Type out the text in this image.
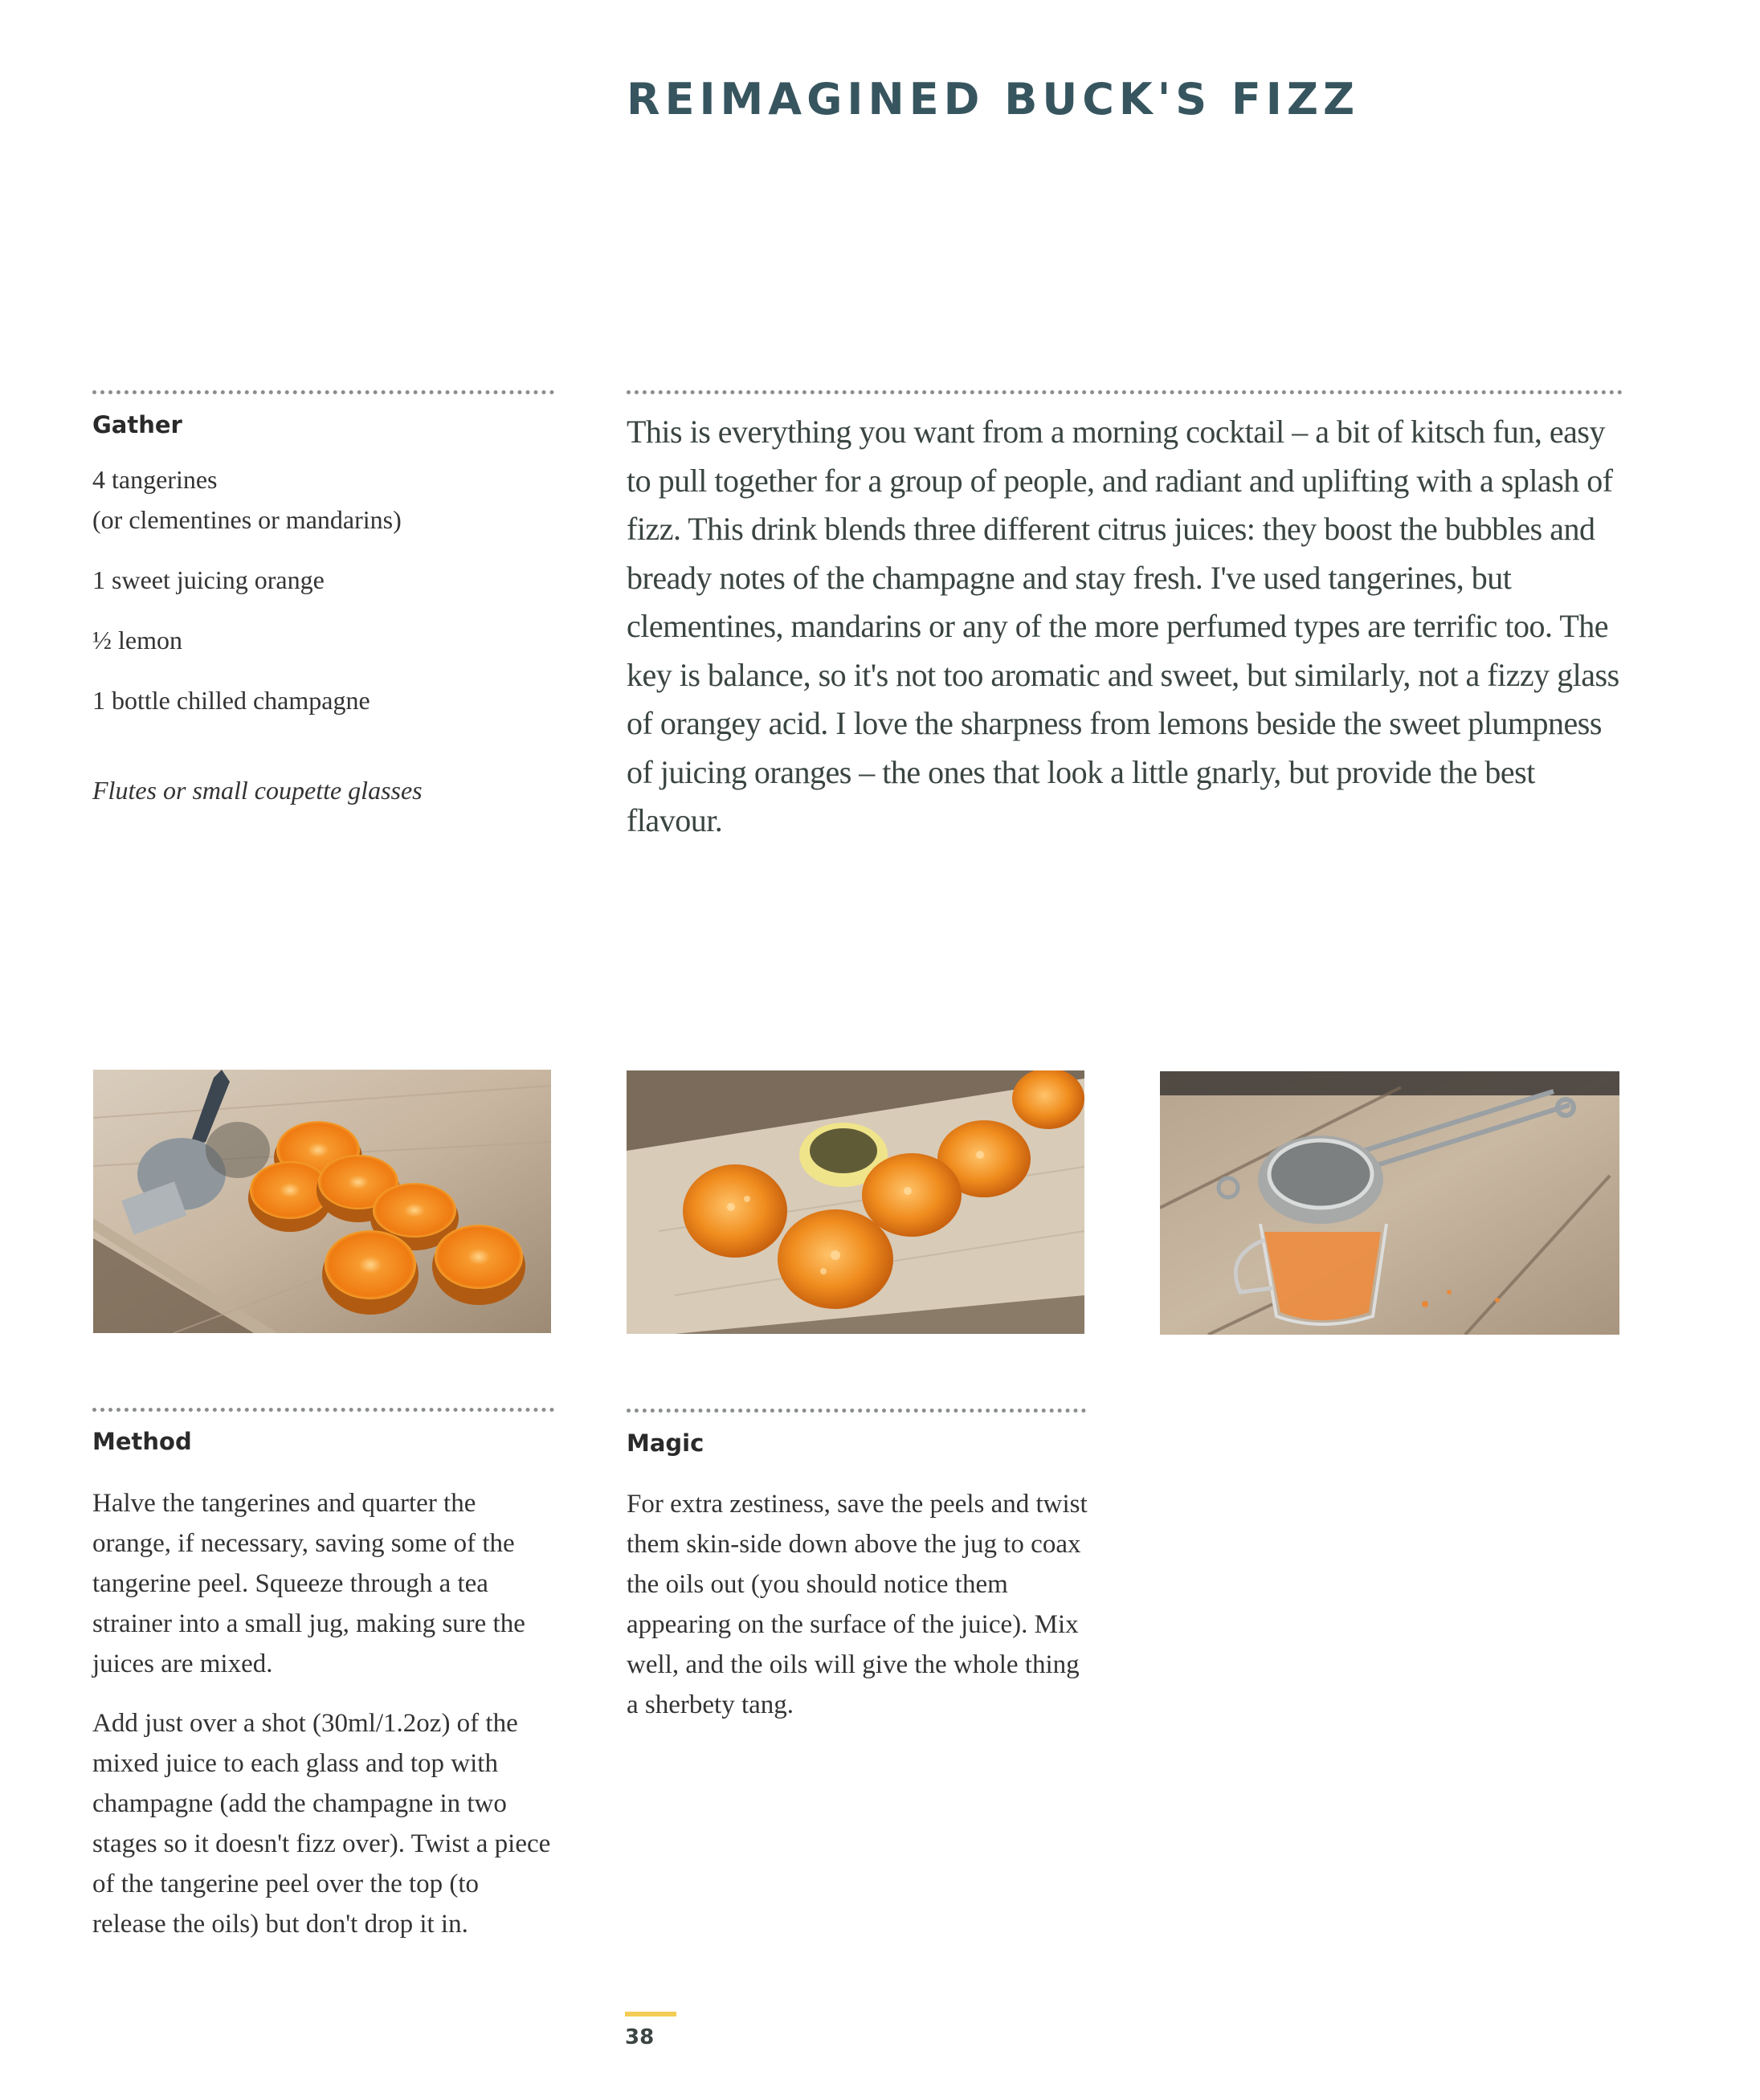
REIMAGINED BUCK'S FIZZ
Gather
4 tangerines
(or clementines or mandarins)
1 sweet juicing orange
½ lemon
1 bottle chilled champagne
Flutes or small coupette glasses

This is everything you want from a morning cocktail – a bit of kitsch fun, easy to pull together for a group of people, and radiant and uplifting with a splash of fizz. This drink blends three different citrus juices: they boost the bubbles and bready notes of the champagne and stay fresh. I've used tangerines, but clementines, mandarins or any of the more perfumed types are terrific too. The key is balance, so it's not too aromatic and sweet, but similarly, not a fizzy glass of orangey acid. I love the sharpness from lemons beside the sweet plumpness of juicing oranges – the ones that look a little gnarly, but provide the best flavour.

Method

Halve the tangerines and quarter the orange, if necessary, saving some of the tangerine peel. Squeeze through a tea strainer into a small jug, making sure the juices are mixed.

Add just over a shot (30ml/1.2oz) of the mixed juice to each glass and top with champagne (add the champagne in two stages so it doesn't fizz over). Twist a piece of the tangerine peel over the top (to release the oils) but don't drop it in.

Magic

For extra zestiness, save the peels and twist them skin-side down above the jug to coax the oils out (you should notice them appearing on the surface of the juice). Mix well, and the oils will give the whole thing a sherbety tang.

38
